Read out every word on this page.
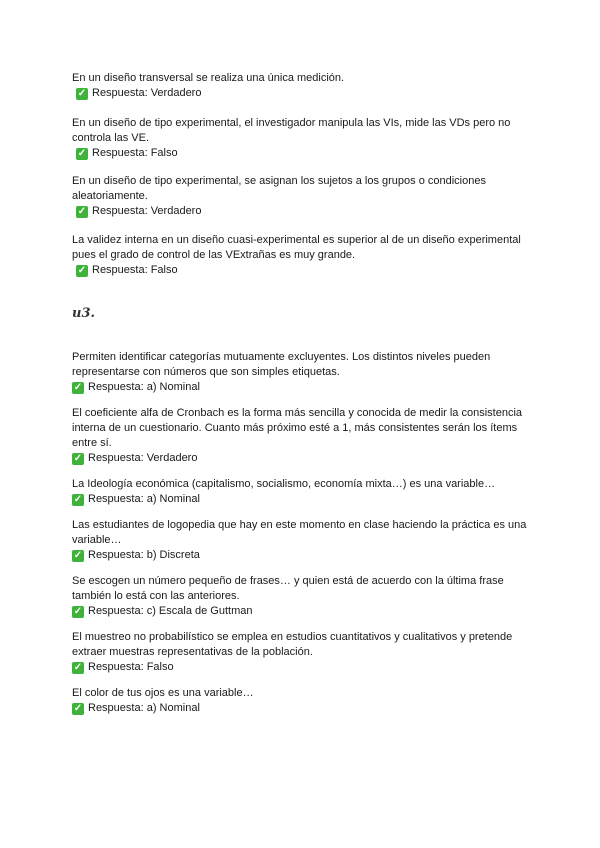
En un diseño transversal se realiza una única medición.

✓ Respuesta: Verdadero

En un diseño de tipo experimental, el investigador manipula las VIs, mide las VDs pero no controla las VE.

✓ Respuesta: Falso

En un diseño de tipo experimental, se asignan los sujetos a los grupos o condiciones aleatoriamente.

✓ Respuesta: Verdadero

La validez interna en un diseño cuasi-experimental es superior al de un diseño experimental pues el grado de control de las VExtrañas es muy grande.

✓ Respuesta: Falso

u3.

Permiten identificar categorías mutuamente excluyentes. Los distintos niveles pueden representarse con números que son simples etiquetas.

✓ Respuesta: a) Nominal

El coeficiente alfa de Cronbach es la forma más sencilla y conocida de medir la consistencia interna de un cuestionario. Cuanto más próximo esté a 1, más consistentes serán los ítems entre sí.

✓ Respuesta: Verdadero

La Ideología económica (capitalismo, socialismo, economía mixta…) es una variable…

✓ Respuesta: a) Nominal

Las estudiantes de logopedia que hay en este momento en clase haciendo la práctica es una variable…

✓ Respuesta: b) Discreta

Se escogen un número pequeño de frases… y quien está de acuerdo con la última frase también lo está con las anteriores.

✓ Respuesta: c) Escala de Guttman

El muestreo no probabilístico se emplea en estudios cuantitativos y cualitativos y pretende extraer muestras representativas de la población.

✓ Respuesta: Falso

El color de tus ojos es una variable…

✓ Respuesta: a) Nominal
